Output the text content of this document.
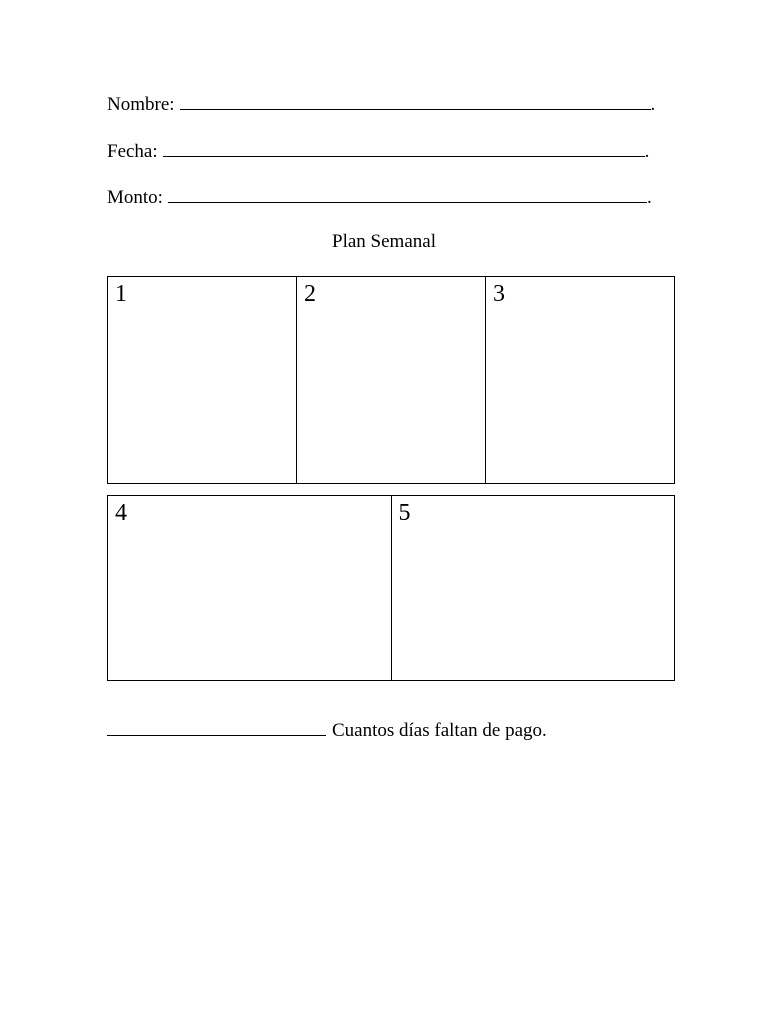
Nombre:	.
Fecha:	.
Monto:	.
Plan Semanal
1	2	3
4	5
Cuantos días faltan de pago.
